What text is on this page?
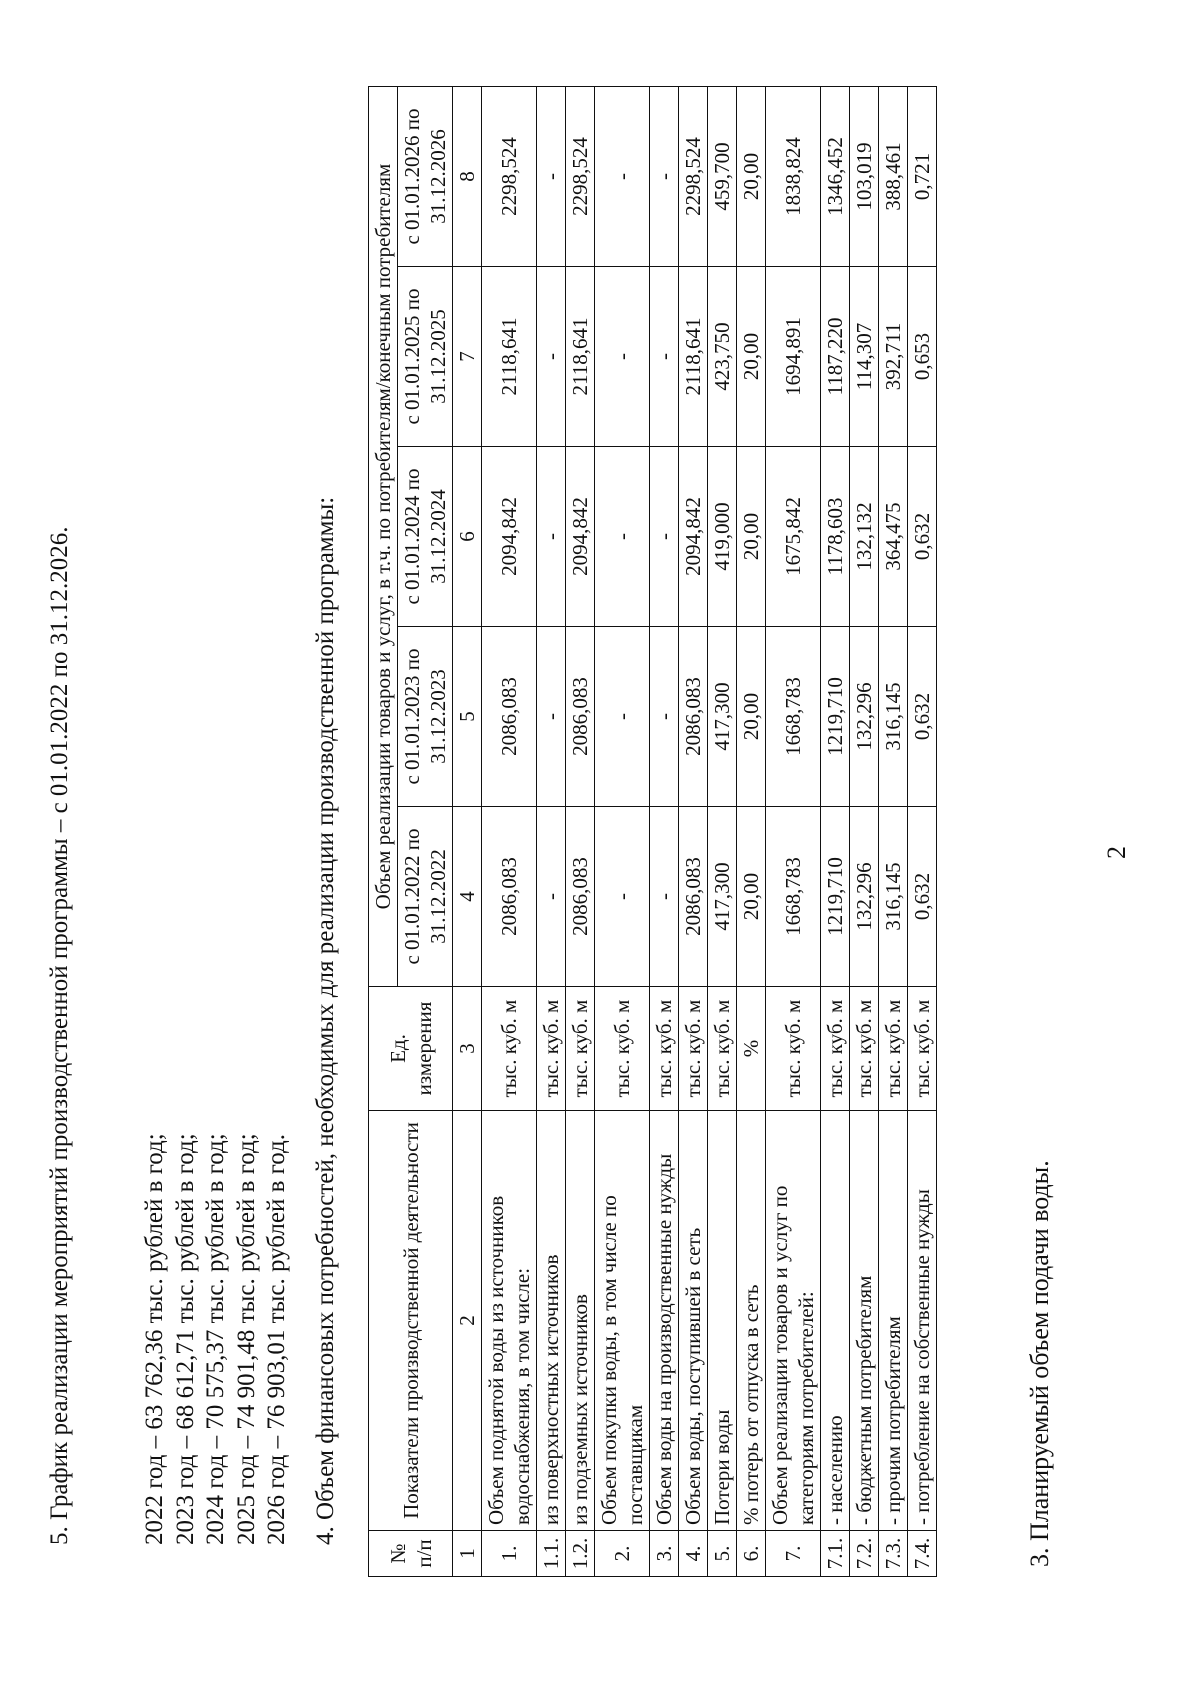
2
3. Планируемый объем подачи воды.
№ п/п	Показатели производственной деятельности	Ед. измерения	Объем реализации товаров и услуг, в т.ч. по потребителям/конечным потребителям				
			с 01.01.2022 по 31.12.2022	с 01.01.2023 по 31.12.2023	с 01.01.2024 по 31.12.2024	с 01.01.2025 по 31.12.2025	с 01.01.2026 по 31.12.2026
1	2	3	4	5	6	7	8
1.	Объем поднятой воды из источников водоснабжения, в том числе:	тыс. куб. м	2086,083	2086,083	2094,842	2118,641	2298,524
1.1.	из поверхностных источников	тыс. куб. м	-	-	-	-	-
1.2.	из подземных источников	тыс. куб. м	2086,083	2086,083	2094,842	2118,641	2298,524
2.	Объем покупки воды, в том числе по поставщикам	тыс. куб. м	-	-	-	-	-
3.	Объем воды на производственные нужды	тыс. куб. м	-	-	-	-	-
4.	Объем воды, поступившей в сеть	тыс. куб. м	2086,083	2086,083	2094,842	2118,641	2298,524
5.	Потери воды	тыс. куб. м	417,300	417,300	419,000	423,750	459,700
6.	% потерь от отпуска в сеть	%	20,00	20,00	20,00	20,00	20,00
7.	Объем реализации товаров и услуг по категориям потребителей:	тыс. куб. м	1668,783	1668,783	1675,842	1694,891	1838,824
7.1.	- населению	тыс. куб. м	1219,710	1219,710	1178,603	1187,220	1346,452
7.2.	- бюджетным потребителям	тыс. куб. м	132,296	132,296	132,132	114,307	103,019
7.3.	- прочим потребителям	тыс. куб. м	316,145	316,145	364,475	392,711	388,461
7.4.	- потребление на собственные нужды	тыс. куб. м	0,632	0,632	0,632	0,653	0,721
4. Объем финансовых потребностей, необходимых для реализации производственной программы:
2022 год – 63 762,36 тыс. рублей в год; 2023 год – 68 612,71 тыс. рублей в год; 2024 год – 70 575,37 тыс. рублей в год; 2025 год – 74 901,48 тыс. рублей в год; 2026 год – 76 903,01 тыс. рублей в год.
5. График реализации мероприятий производственной программы – с 01.01.2022 по 31.12.2026.
